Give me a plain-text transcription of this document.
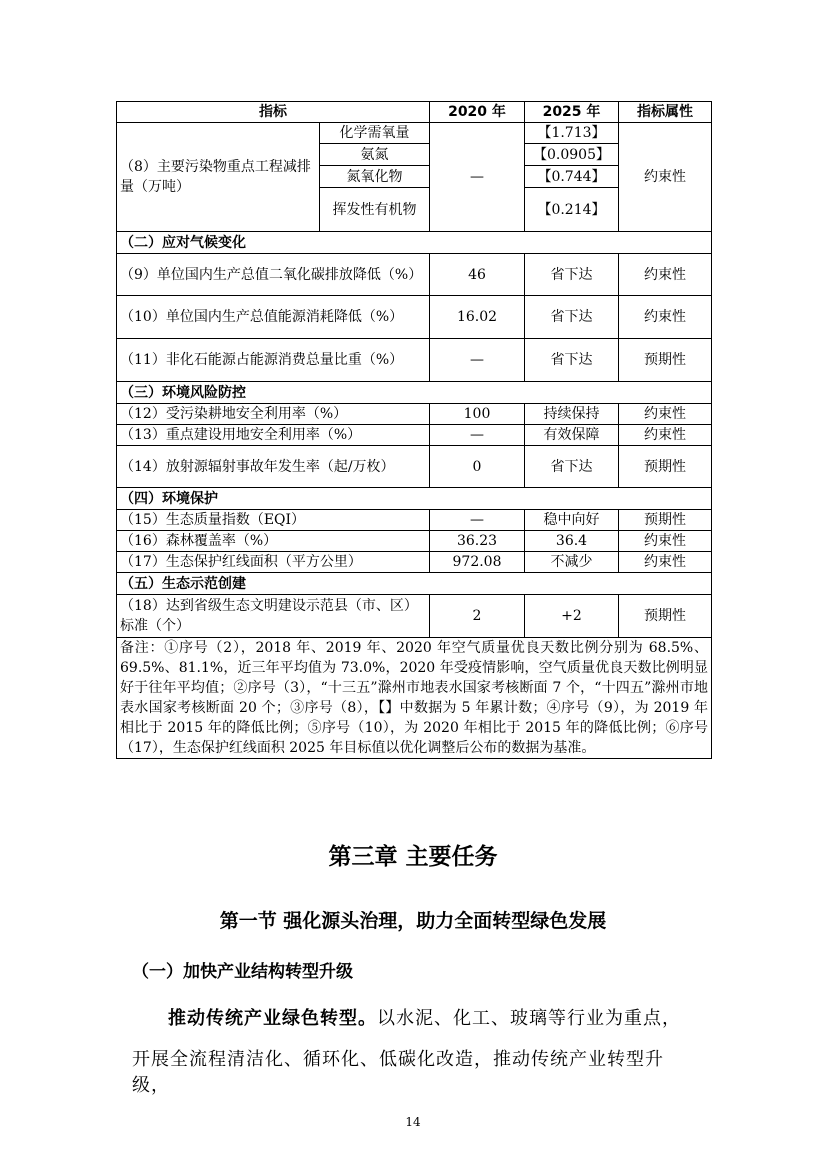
指标		2020 年	2025 年	指标属性
（8）主要污染物重点工程减排量（万吨）	化学需氧量	—	【1.713】	约束性
	氨氮		【0.0905】	
	氮氧化物		【0.744】	
	挥发性有机物		【0.214】	
（二）应对气候变化				
（9）单位国内生产总值二氧化碳排放降低（%）		46	省下达	约束性
（10）单位国内生产总值能源消耗降低（%）		16.02	省下达	约束性
（11）非化石能源占能源消费总量比重（%）		—	省下达	预期性
（三）环境风险防控				
（12）受污染耕地安全利用率（%）		100	持续保持	约束性
（13）重点建设用地安全利用率（%）		—	有效保障	约束性
（14）放射源辐射事故年发生率（起/万枚）		0	省下达	预期性
（四）环境保护				
（15）生态质量指数（EQI）		—	稳中向好	预期性
（16）森林覆盖率（%）		36.23	36.4	约束性
（17）生态保护红线面积（平方公里）		972.08	不减少	约束性
（五）生态示范创建				
（18）达到省级生态文明建设示范县（市、区）标准（个）		2	+2	预期性
备注：①序号（2），2018 年、2019 年、2020 年空气质量优良天数比例分别为 68.5%、69.5%、81.1%，近三年平均值为 73.0%，2020 年受疫情影响，空气质量优良天数比例明显好于往年平均值；②序号（3），“十三五”滁州市地表水国家考核断面 7 个，“十四五”滁州市地表水国家考核断面 20 个；③序号（8），【】中数据为 5 年累计数；④序号（9），为 2019 年相比于 2015 年的降低比例；⑤序号（10），为 2020 年相比于 2015 年的降低比例；⑥序号（17），生态保护红线面积 2025 年目标值以优化调整后公布的数据为基准。				
第三章 主要任务
第一节 强化源头治理，助力全面转型绿色发展
（一）加快产业结构转型升级
推动传统产业绿色转型。以水泥、化工、玻璃等行业为重点，
开展全流程清洁化、循环化、低碳化改造，推动传统产业转型升级，
14
